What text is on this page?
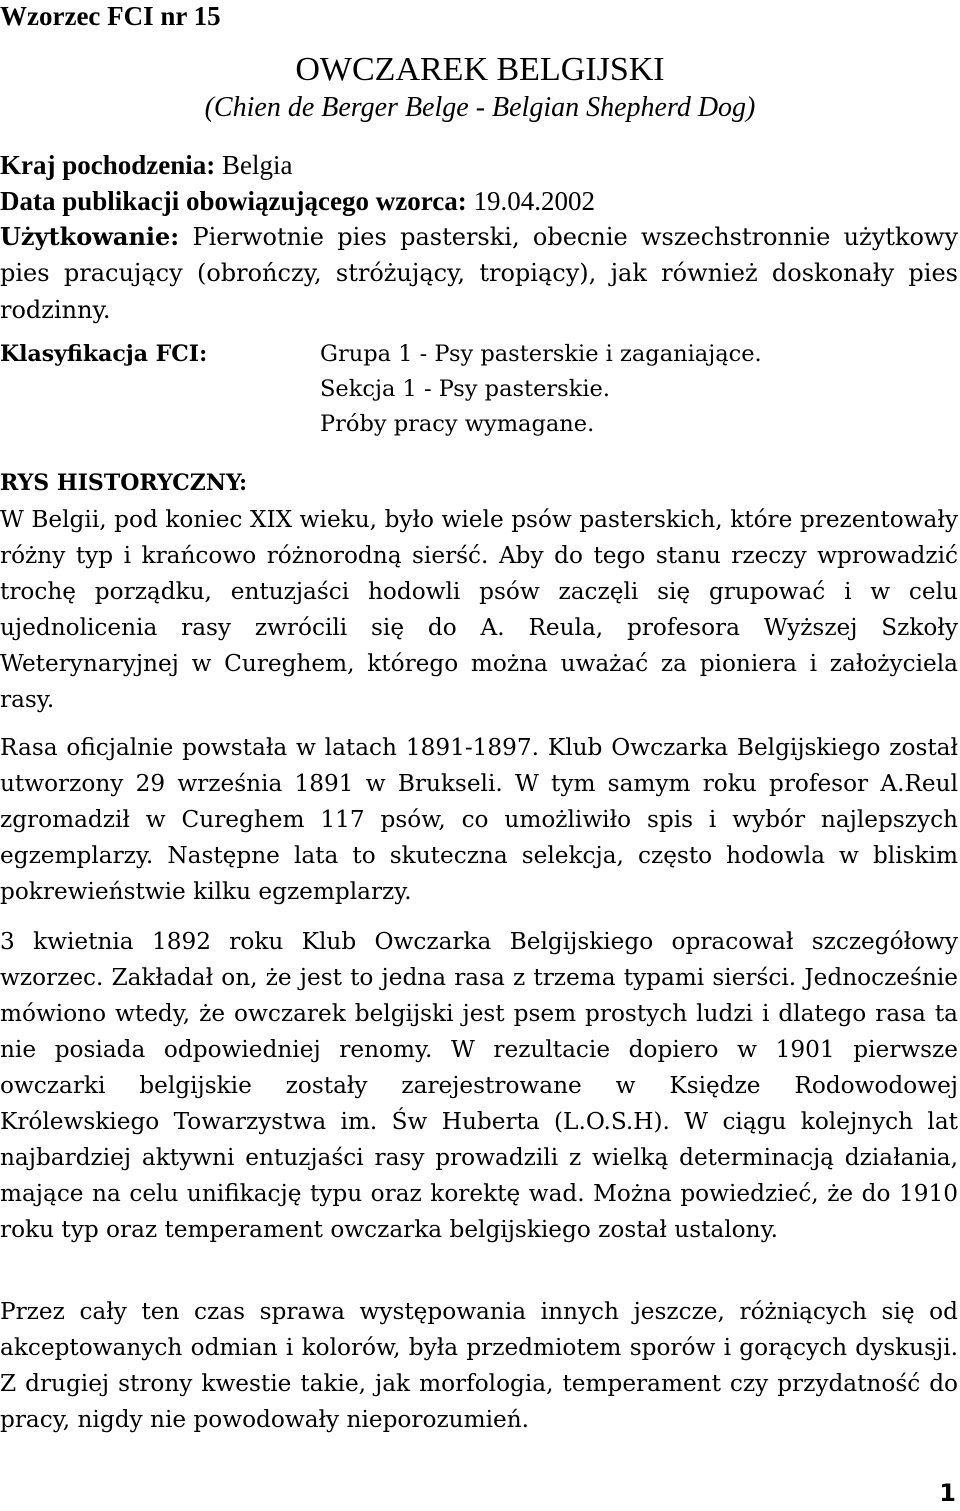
Wzorzec FCI nr 15
OWCZAREK BELGIJSKI
(Chien de Berger Belge - Belgian Shepherd Dog)
Kraj pochodzenia: Belgia
Data publikacji obowiązującego wzorca: 19.04.2002
Użytkowanie: Pierwotnie pies pasterski, obecnie wszechstronnie użytkowy pies pracujący (obrończy, stróżujący, tropiący), jak również doskonały pies rodzinny.
Klasyfikacja FCI:	Grupa 1 - Psy pasterskie i zaganiające.
Sekcja 1 - Psy pasterskie.
Próby pracy wymagane.
RYS HISTORYCZNY:

W Belgii, pod koniec XIX wieku, było wiele psów pasterskich, które prezentowały różny typ i krańcowo różnorodną sierść. Aby do tego stanu rzeczy wprowadzić trochę porządku, entuzjaści hodowli psów zaczęli się grupować i w celu ujednolicenia rasy zwrócili się do A. Reula, profesora Wyższej Szkoły Weterynaryjnej w Cureghem, którego można uważać za pioniera i założyciela rasy.

Rasa oficjalnie powstała w latach 1891-1897. Klub Owczarka Belgijskiego został utworzony 29 września 1891 w Brukseli. W tym samym roku profesor A.Reul zgromadził w Cureghem 117 psów, co umożliwiło spis i wybór najlepszych egzemplarzy. Następne lata to skuteczna selekcja, często hodowla w bliskim pokrewieństwie kilku egzemplarzy.

3 kwietnia 1892 roku Klub Owczarka Belgijskiego opracował szczegółowy wzorzec. Zakładał on, że jest to jedna rasa z trzema typami sierści. Jednocześnie mówiono wtedy, że owczarek belgijski jest psem prostych ludzi i dlatego rasa ta nie posiada odpowiedniej renomy. W rezultacie dopiero w 1901 pierwsze owczarki belgijskie zostały zarejestrowane w Księdze Rodowodowej Królewskiego Towarzystwa im. Św Huberta (L.O.S.H). W ciągu kolejnych lat najbardziej aktywni entuzjaści rasy prowadzili z wielką determinacją działania, mające na celu unifikację typu oraz korektę wad. Można powiedzieć, że do 1910 roku typ oraz temperament owczarka belgijskiego został ustalony.

Przez cały ten czas sprawa występowania innych jeszcze, różniących się od akceptowanych odmian i kolorów, była przedmiotem sporów i gorących dyskusji. Z drugiej strony kwestie takie, jak morfologia, temperament czy przydatność do pracy, nigdy nie powodowały nieporozumień.

1
